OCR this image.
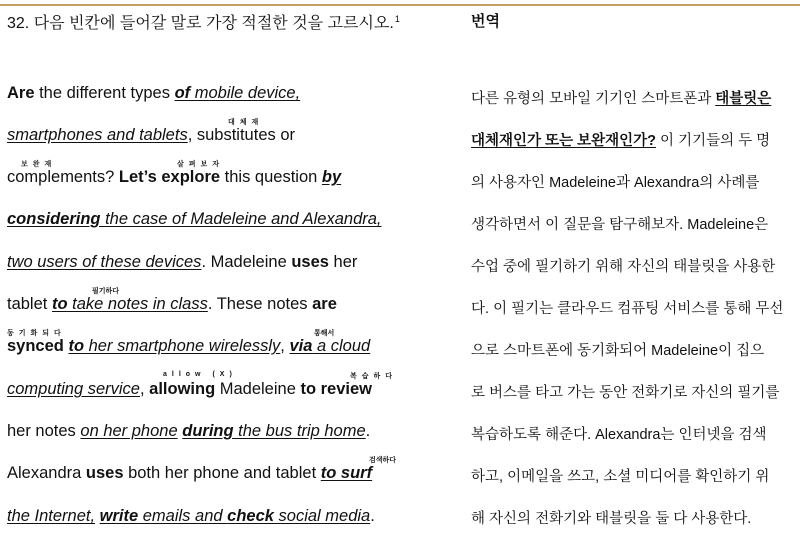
32. 다음 빈칸에 들어갈 말로 가장 적절한 것을 고르시오.$^1$
Are the different types of mobile device,
smartphones and tablets, substitutes or
complements? Let’s explore this question by
considering the case of Madeleine and Alexandra,
two users of these devices. Madeleine uses her
tablet to take notes in class. These notes are
synced to her smartphone wirelessly, via a cloud
computing service, allowing Madeleine to review
her notes on her phone during the bus trip home.
Alexandra uses both her phone and tablet to surf
the Internet, write emails and check social media.
대체재
보완재	살펴보자
필기하다
동기화되다	통해서
allow (X)	복습하다
검색하다
번역
다른 유형의 모바일 기기인 스마트폰과 태블릿은
대체재인가 또는 보완재인가? 이 기기들의 두 명
의 사용자인 Madeleine과 Alexandra의 사례를
생각하면서 이 질문을 탐구해보자. Madeleine은
수업 중에 필기하기 위해 자신의 태블릿을 사용한
다. 이 필기는 클라우드 컴퓨팅 서비스를 통해 무선
으로 스마트폰에 동기화되어 Madeleine이 집으
로 버스를 타고 가는 동안 전화기로 자신의 필기를
복습하도록 해준다. Alexandra는 인터넷을 검색
하고, 이메일을 쓰고, 소셜 미디어를 확인하기 위
해 자신의 전화기와 태블릿을 둘 다 사용한다.
